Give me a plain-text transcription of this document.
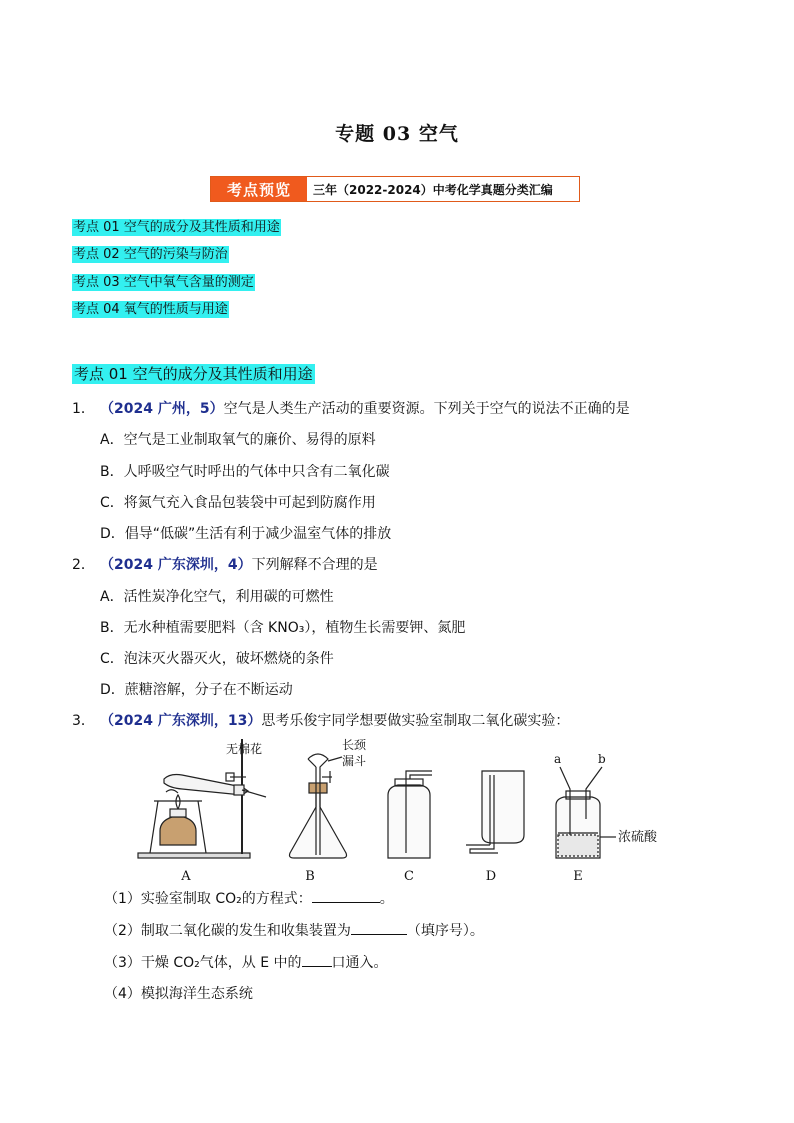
专题 03 空气
考点预览	三年（2022-2024）中考化学真题分类汇编
考点 01 空气的成分及其性质和用途
考点 02 空气的污染与防治
考点 03 空气中氧气含量的测定
考点 04 氧气的性质与用途
考点 01 空气的成分及其性质和用途
1． （2024 广州，5）空气是人类生产活动的重要资源。下列关于空气的说法不正确的是
A．空气是工业制取氧气的廉价、易得的原料
B．人呼吸空气时呼出的气体中只含有二氧化碳
C．将氮气充入食品包装袋中可起到防腐作用
D．倡导“低碳”生活有利于减少温室气体的排放
2． （2024 广东深圳，4）下列解释不合理的是
A．活性炭净化空气，利用碳的可燃性
B．无水种植需要肥料（含 KNO₃），植物生长需要钾、氮肥
C．泡沫灭火器灭火，破坏燃烧的条件
D．蔗糖溶解，分子在不断运动
3． （2024 广东深圳，13）思考乐俊宇同学想要做实验室制取二氧化碳实验：
无棉花	长颈
漏斗	a	b
浓硫酸
A	B	C	D	E
（1）实验室制取 CO₂的方程式：	。
（2）制取二氧化碳的发生和收集装置为	（填序号）。
（3）干燥 CO₂气体，从 E 中的 口通入。
（4）模拟海洋生态系统
